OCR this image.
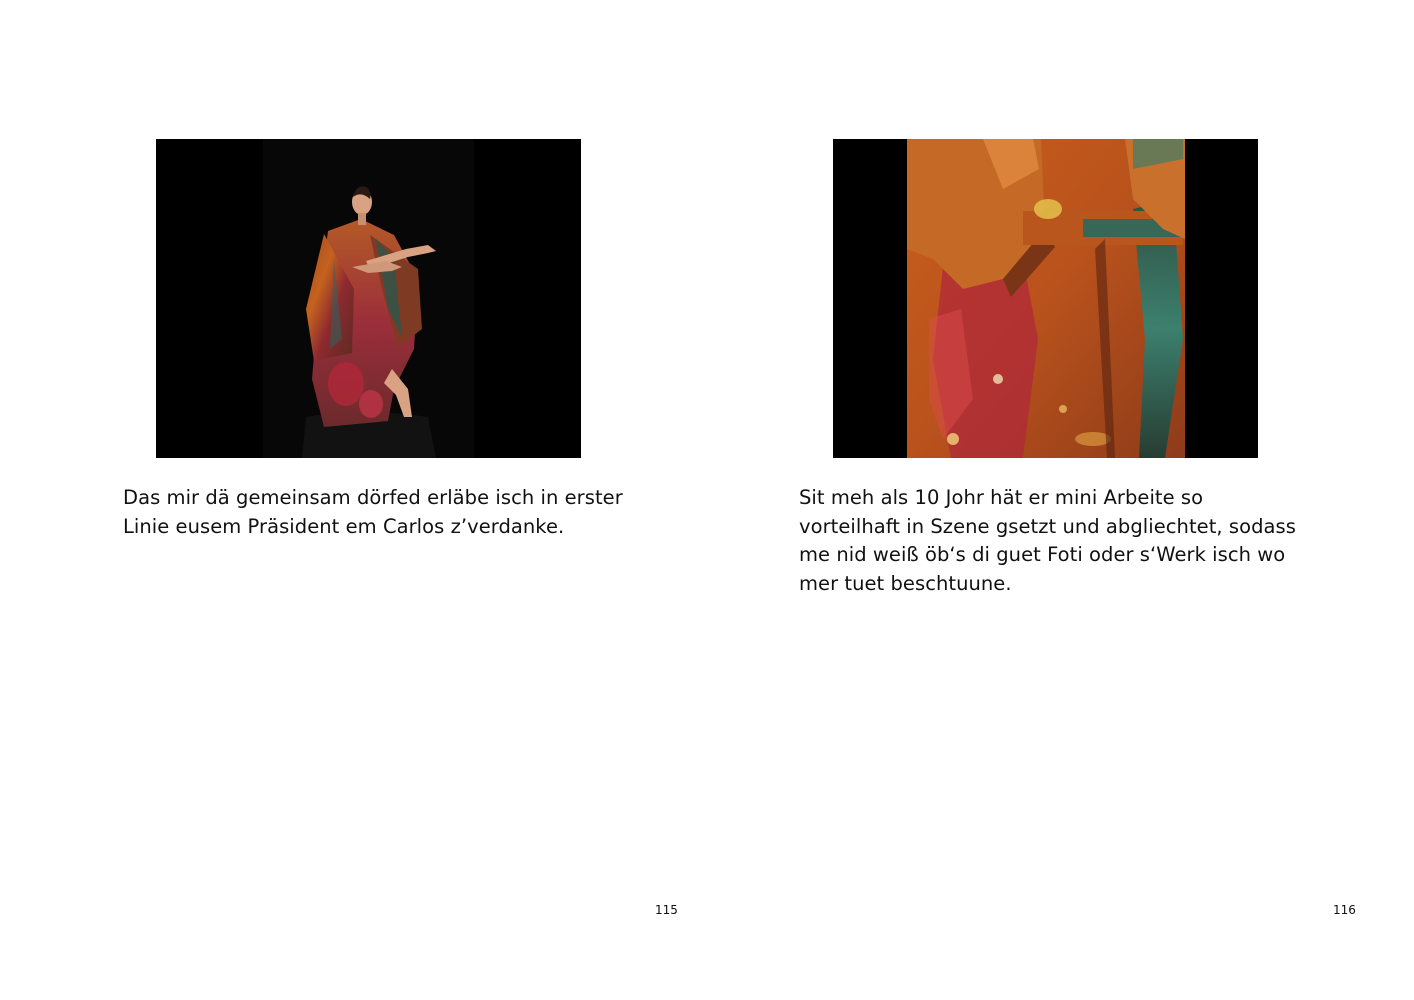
Das mir dä gemeinsam dörfed erläbe isch in erster Linie eusem Präsident em Carlos z’verdanke.

115

Sit meh als 10 Johr hät er mini Arbeite so vorteilhaft in Szene gsetzt und abgliechtet, sodass me nid weiß öb‘s di guet Foti oder s‘Werk isch wo mer tuet beschtuune.

116
